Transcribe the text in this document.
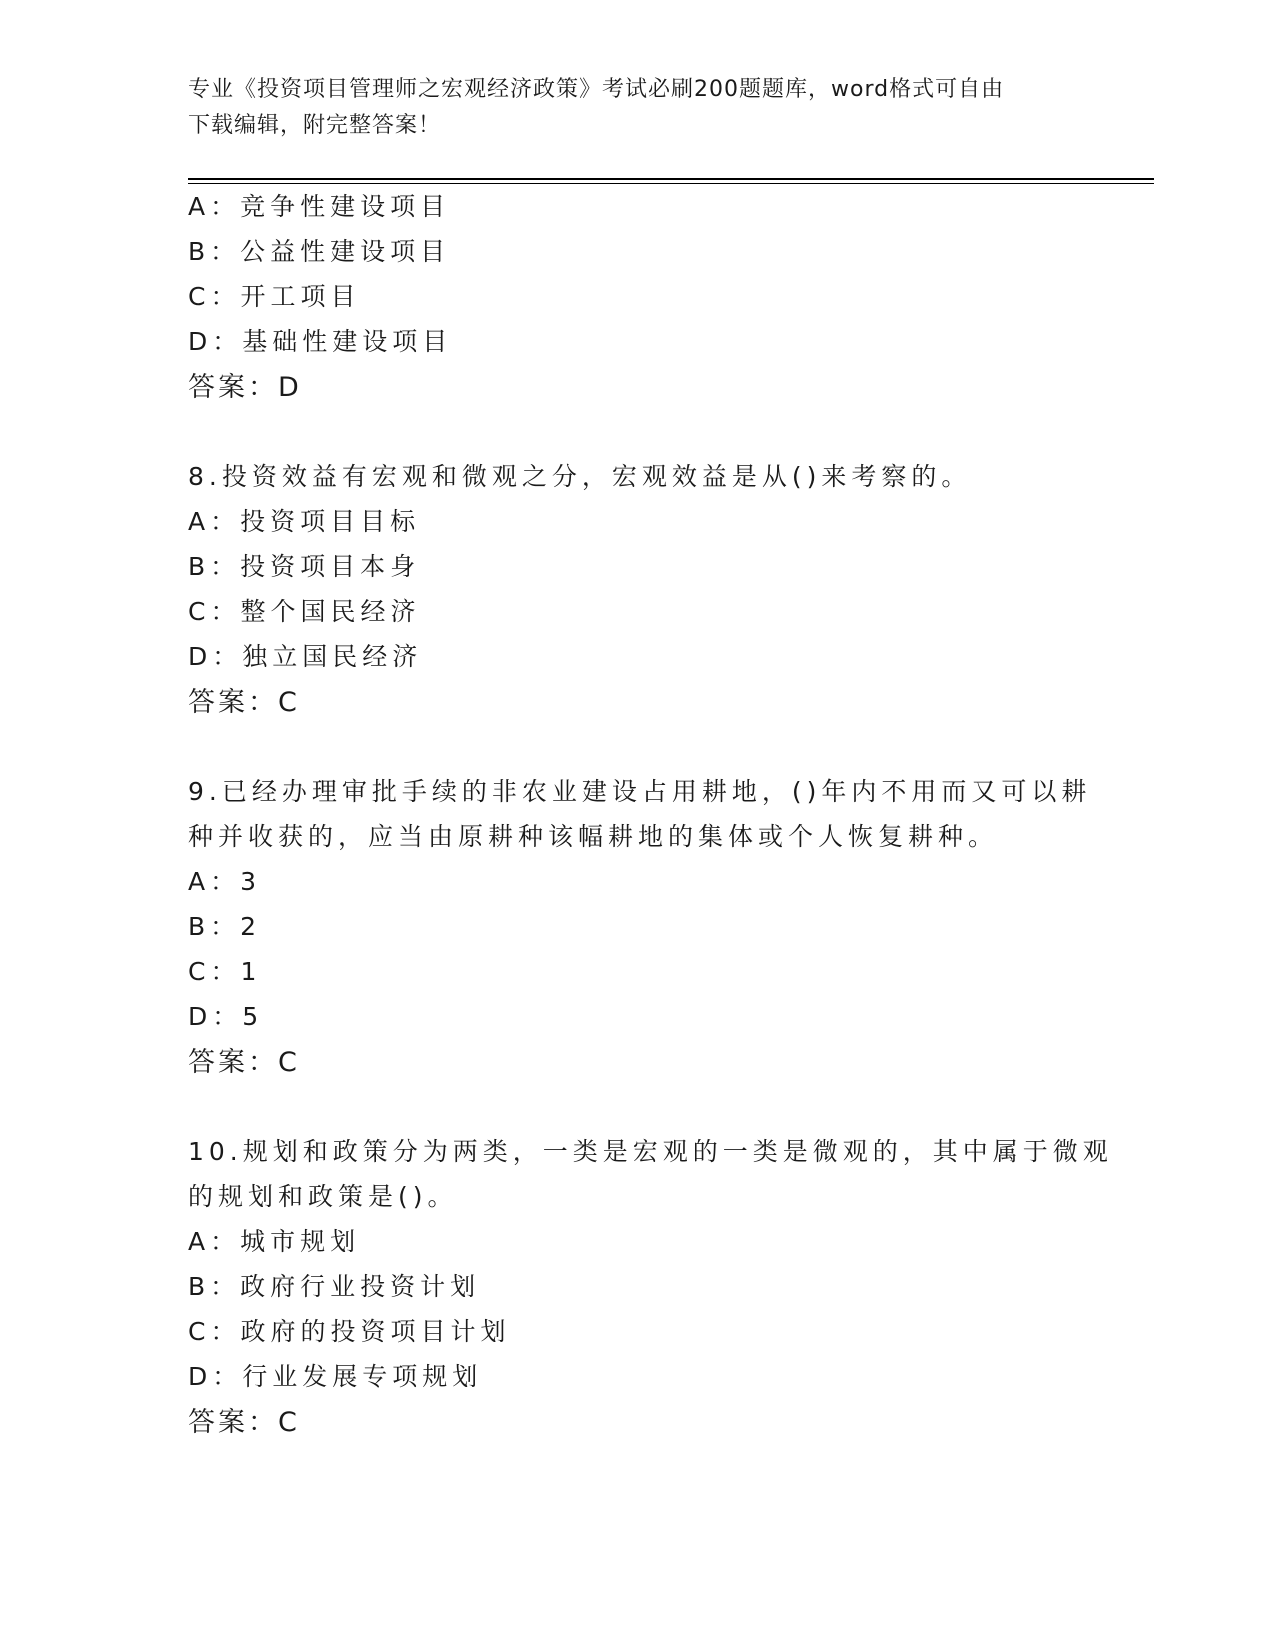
专业《投资项目管理师之宏观经济政策》考试必刷200题题库，word格式可自由
下载编辑，附完整答案！
A：竞争性建设项目
B：公益性建设项目
C：开工项目
D：基础性建设项目
答案：D
8.投资效益有宏观和微观之分，宏观效益是从()来考察的。
A：投资项目目标
B：投资项目本身
C：整个国民经济
D：独立国民经济
答案：C
9.已经办理审批手续的非农业建设占用耕地，()年内不用而又可以耕
种并收获的，应当由原耕种该幅耕地的集体或个人恢复耕种。
A：3
B：2
C：1
D：5
答案：C
10.规划和政策分为两类，一类是宏观的一类是微观的，其中属于微观
的规划和政策是()。
A：城市规划
B：政府行业投资计划
C：政府的投资项目计划
D：行业发展专项规划
答案：C
